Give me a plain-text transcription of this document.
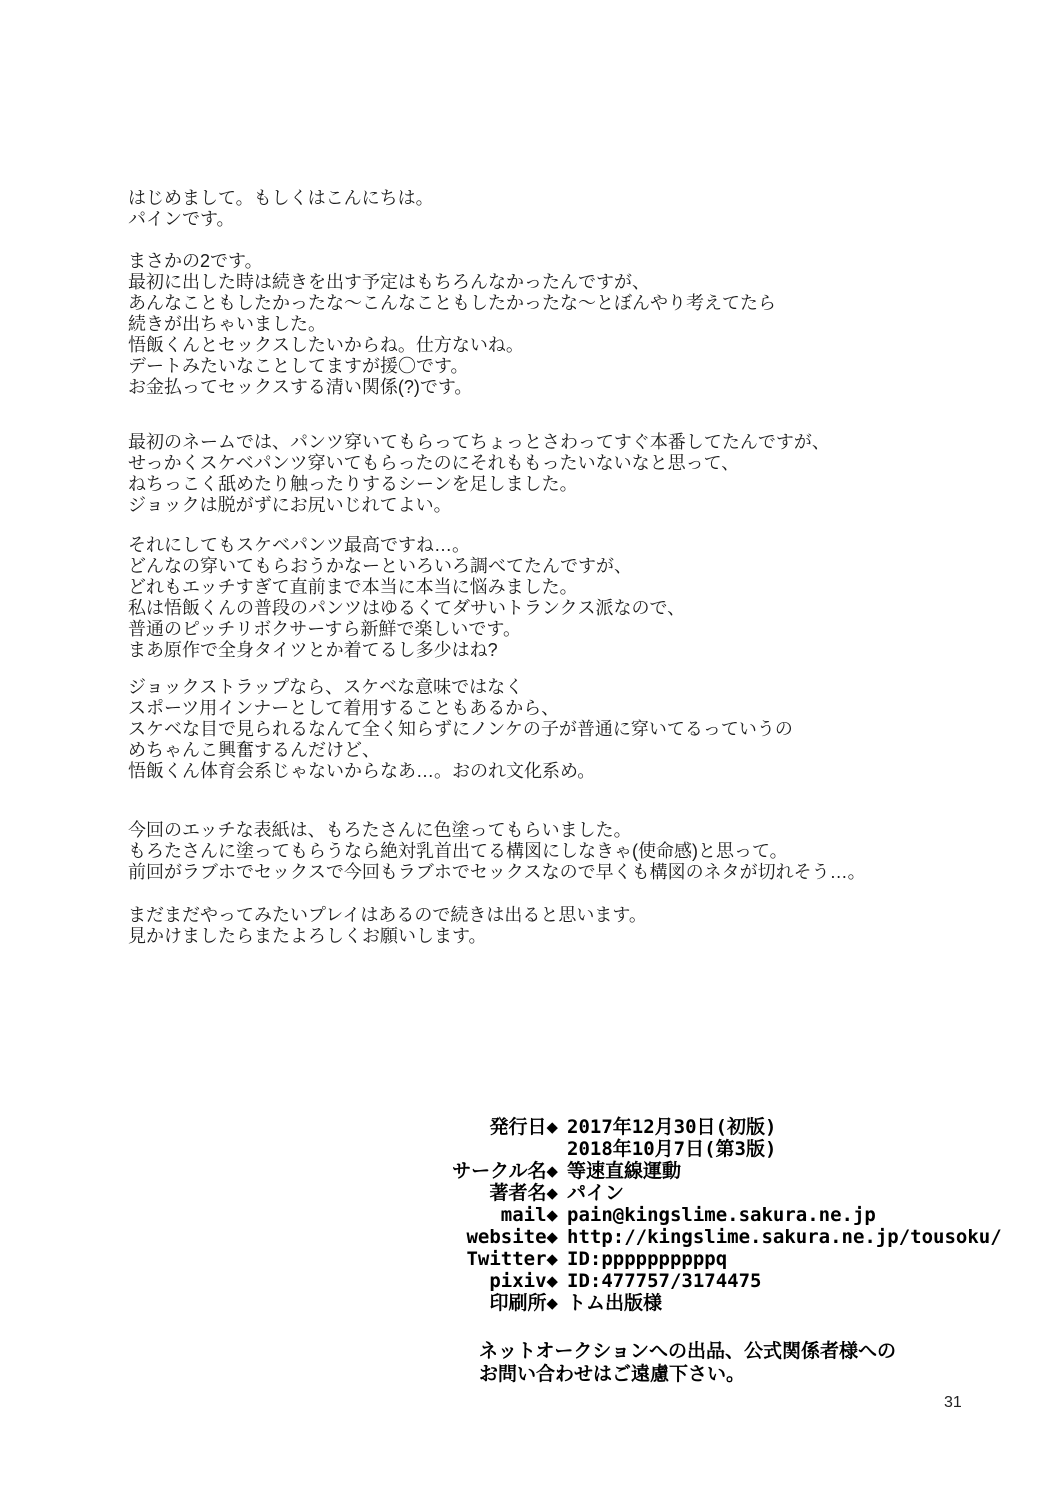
はじめまして。もしくはこんにちは。
パインです。
まさかの2です。
最初に出した時は続きを出す予定はもちろんなかったんですが、
あんなこともしたかったな～こんなこともしたかったな～とぼんやり考えてたら
続きが出ちゃいました。
悟飯くんとセックスしたいからね。仕方ないね。
デートみたいなことしてますが援〇です。
お金払ってセックスする清い関係(?)です。
最初のネームでは、パンツ穿いてもらってちょっとさわってすぐ本番してたんですが、
せっかくスケベパンツ穿いてもらったのにそれももったいないなと思って、
ねちっこく舐めたり触ったりするシーンを足しました。
ジョックは脱がずにお尻いじれてよい。
それにしてもスケベパンツ最高ですね…。
どんなの穿いてもらおうかなーといろいろ調べてたんですが、
どれもエッチすぎて直前まで本当に本当に悩みました。
私は悟飯くんの普段のパンツはゆるくてダサいトランクス派なので、
普通のピッチリボクサーすら新鮮で楽しいです。
まあ原作で全身タイツとか着てるし多少はね?
ジョックストラップなら、スケベな意味ではなく
スポーツ用インナーとして着用することもあるから、
スケベな目で見られるなんて全く知らずにノンケの子が普通に穿いてるっていうの
めちゃんこ興奮するんだけど、
悟飯くん体育会系じゃないからなあ…。おのれ文化系め。
今回のエッチな表紙は、もろたさんに色塗ってもらいました。
もろたさんに塗ってもらうなら絶対乳首出てる構図にしなきゃ(使命感)と思って。
前回がラブホでセックスで今回もラブホでセックスなので早くも構図のネタが切れそう…。
まだまだやってみたいプレイはあるので続きは出ると思います。
見かけましたらまたよろしくお願いします。
発行日◆ 2017年12月30日(初版)
2018年10月7日(第3版)
サークル名◆ 等速直線運動
著者名◆ パイン
mail◆ pain@kingslime.sakura.ne.jp
website◆ http://kingslime.sakura.ne.jp/tousoku/
Twitter◆ ID:ppppppppppq
pixiv◆ ID:477757/3174475
印刷所◆ トム出版様
ネットオークションへの出品、公式関係者様への
お問い合わせはご遠慮下さい。
31
